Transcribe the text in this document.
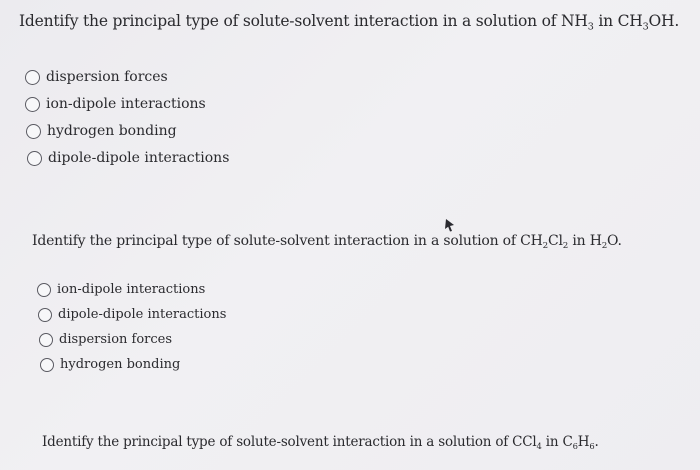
Identify the principal type of solute-solvent interaction in a solution of $NH_3$ in $CH_3OH$.
dispersion forces
ion-dipole interactions
hydrogen bonding
dipole-dipole interactions
Identify the principal type of solute-solvent interaction in a solution of $CH_2Cl_2$ in $H_2O$.
ion-dipole interactions
dipole-dipole interactions
dispersion forces
hydrogen bonding
Identify the principal type of solute-solvent interaction in a solution of CCl$_4$ in $C_6H_6$.
